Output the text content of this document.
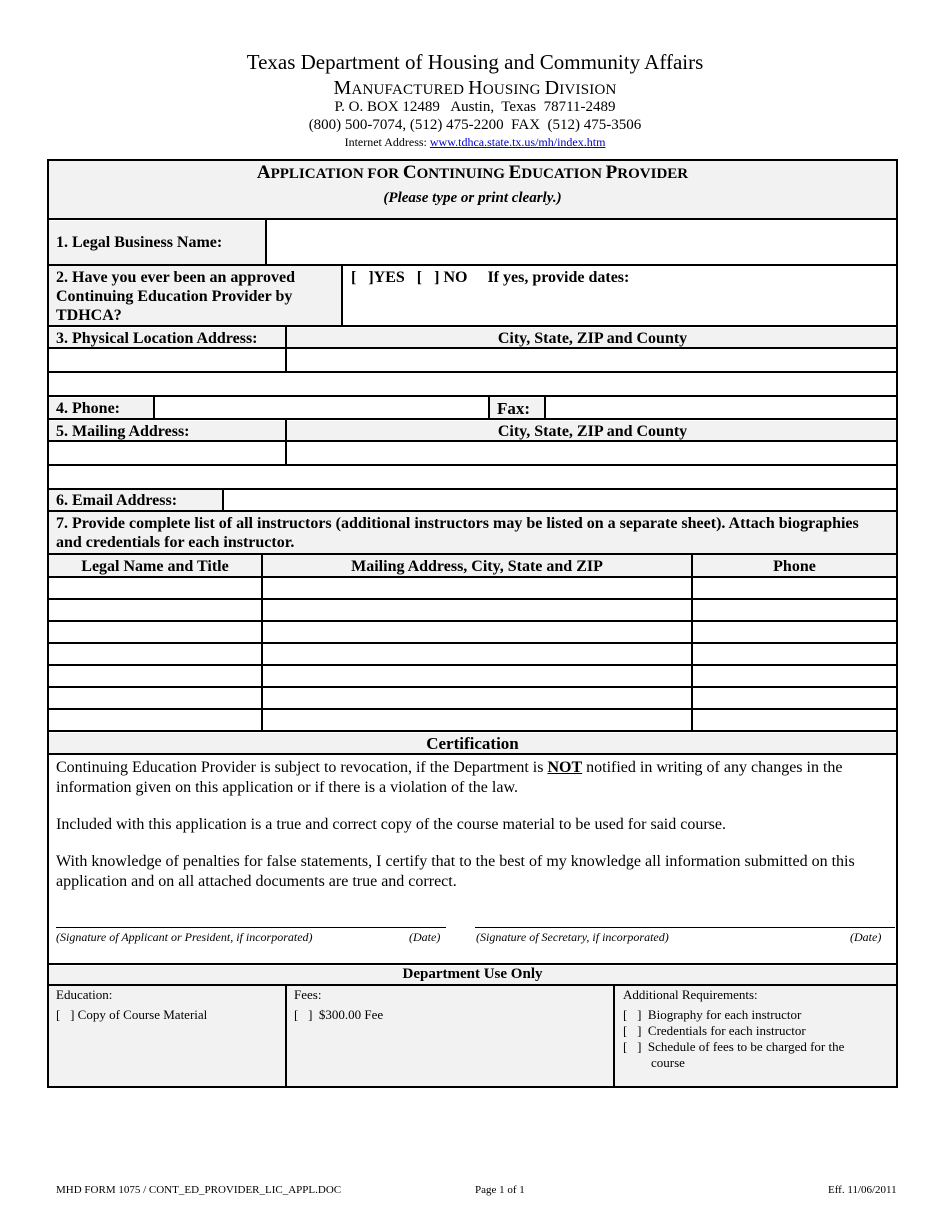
Texas Department of Housing and Community Affairs
MANUFACTURED HOUSING DIVISION
P. O. BOX 12489   Austin,  Texas  78711-2489
(800) 500-7074, (512) 475-2200  FAX  (512) 475-3506
Internet Address: www.tdhca.state.tx.us/mh/index.htm
APPLICATION FOR CONTINUING EDUCATION PROVIDER
(Please type or print clearly.)
1. Legal Business Name:
2. Have you ever been an approved Continuing Education Provider by TDHCA?
[   ]YES   [   ] NO     If yes, provide dates:
3. Physical Location Address:	City, State, ZIP and County
4. Phone:	Fax:
5. Mailing Address:	City, State, ZIP and County
6. Email Address:
7. Provide complete list of all instructors (additional instructors may be listed on a separate sheet). Attach biographies and credentials for each instructor.
Legal Name and Title	Mailing Address, City, State and ZIP	Phone
Certification

Continuing Education Provider is subject to revocation, if the Department is NOT notified in writing of any changes in the information given on this application or if there is a violation of the law.

Included with this application is a true and correct copy of the course material to be used for said course.

With knowledge of penalties for false statements, I certify that to the best of my knowledge all information submitted on this application and on all attached documents are true and correct.

(Signature of Applicant or President, if incorporated)	(Date)	(Signature of Secretary, if incorporated)	(Date)
Department Use Only
Education:
[   ] Copy of Course Material
Fees:
[   ]  $300.00 Fee
Additional Requirements:
[   ]  Biography for each instructor
[   ]  Credentials for each instructor
[   ]  Schedule of fees to be charged for the
course
MHD FORM 1075 / CONT_ED_PROVIDER_LIC_APPL.DOC	Page 1 of 1	Eff. 11/06/2011
